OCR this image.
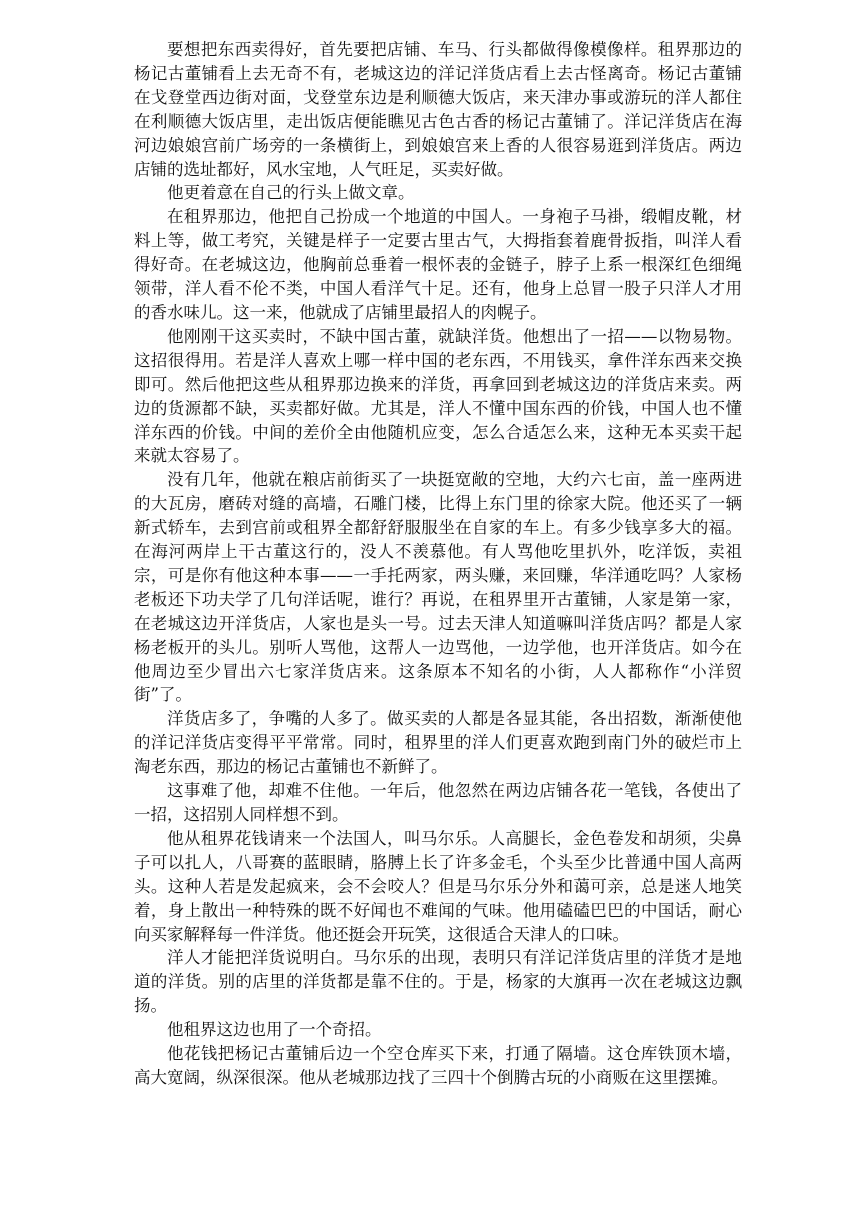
要想把东西卖得好，首先要把店铺、车马、行头都做得像模像样。租界那边的杨记古董铺看上去无奇不有，老城这边的洋记洋货店看上去古怪离奇。杨记古董铺在戈登堂西边街对面，戈登堂东边是利顺德大饭店，来天津办事或游玩的洋人都住在利顺德大饭店里，走出饭店便能瞧见古色古香的杨记古董铺了。洋记洋货店在海河边娘娘宫前广场旁的一条横街上，到娘娘宫来上香的人很容易逛到洋货店。两边店铺的选址都好，风水宝地，人气旺足，买卖好做。

他更着意在自己的行头上做文章。

在租界那边，他把自己扮成一个地道的中国人。一身袍子马褂，缎帽皮靴，材料上等，做工考究，关键是样子一定要古里古气，大拇指套着鹿骨扳指，叫洋人看得好奇。在老城这边，他胸前总垂着一根怀表的金链子，脖子上系一根深红色细绳领带，洋人看不伦不类，中国人看洋气十足。还有，他身上总冒一股子只洋人才用的香水味儿。这一来，他就成了店铺里最招人的肉幌子。

他刚刚干这买卖时，不缺中国古董，就缺洋货。他想出了一招——以物易物。这招很得用。若是洋人喜欢上哪一样中国的老东西，不用钱买，拿件洋东西来交换即可。然后他把这些从租界那边换来的洋货，再拿回到老城这边的洋货店来卖。两边的货源都不缺，买卖都好做。尤其是，洋人不懂中国东西的价钱，中国人也不懂洋东西的价钱。中间的差价全由他随机应变，怎么合适怎么来，这种无本买卖干起来就太容易了。

没有几年，他就在粮店前街买了一块挺宽敞的空地，大约六七亩，盖一座两进的大瓦房，磨砖对缝的高墙，石雕门楼，比得上东门里的徐家大院。他还买了一辆新式轿车，去到宫前或租界全都舒舒服服坐在自家的车上。有多少钱享多大的福。在海河两岸上干古董这行的，没人不羡慕他。有人骂他吃里扒外，吃洋饭，卖祖宗，可是你有他这种本事——一手托两家，两头赚，来回赚，华洋通吃吗？人家杨老板还下功夫学了几句洋话呢，谁行？再说，在租界里开古董铺，人家是第一家，在老城这边开洋货店，人家也是头一号。过去天津人知道嘛叫洋货店吗？都是人家杨老板开的头儿。别听人骂他，这帮人一边骂他，一边学他，也开洋货店。如今在他周边至少冒出六七家洋货店来。这条原本不知名的小街，人人都称作“小洋贸街”了。

洋货店多了，争嘴的人多了。做买卖的人都是各显其能，各出招数，渐渐使他的洋记洋货店变得平平常常。同时，租界里的洋人们更喜欢跑到南门外的破烂市上淘老东西，那边的杨记古董铺也不新鲜了。

这事难了他，却难不住他。一年后，他忽然在两边店铺各花一笔钱，各使出了一招，这招别人同样想不到。

他从租界花钱请来一个法国人，叫马尔乐。人高腿长，金色卷发和胡须，尖鼻子可以扎人，八哥赛的蓝眼睛，胳膊上长了许多金毛，个头至少比普通中国人高两头。这种人若是发起疯来，会不会咬人？但是马尔乐分外和蔼可亲，总是迷人地笑着，身上散出一种特殊的既不好闻也不难闻的气味。他用磕磕巴巴的中国话，耐心向买家解释每一件洋货。他还挺会开玩笑，这很适合天津人的口味。

洋人才能把洋货说明白。马尔乐的出现，表明只有洋记洋货店里的洋货才是地道的洋货。别的店里的洋货都是靠不住的。于是，杨家的大旗再一次在老城这边飘扬。

他租界这边也用了一个奇招。

他花钱把杨记古董铺后边一个空仓库买下来，打通了隔墙。这仓库铁顶木墙，高大宽阔，纵深很深。他从老城那边找了三四十个倒腾古玩的小商贩在这里摆摊。
